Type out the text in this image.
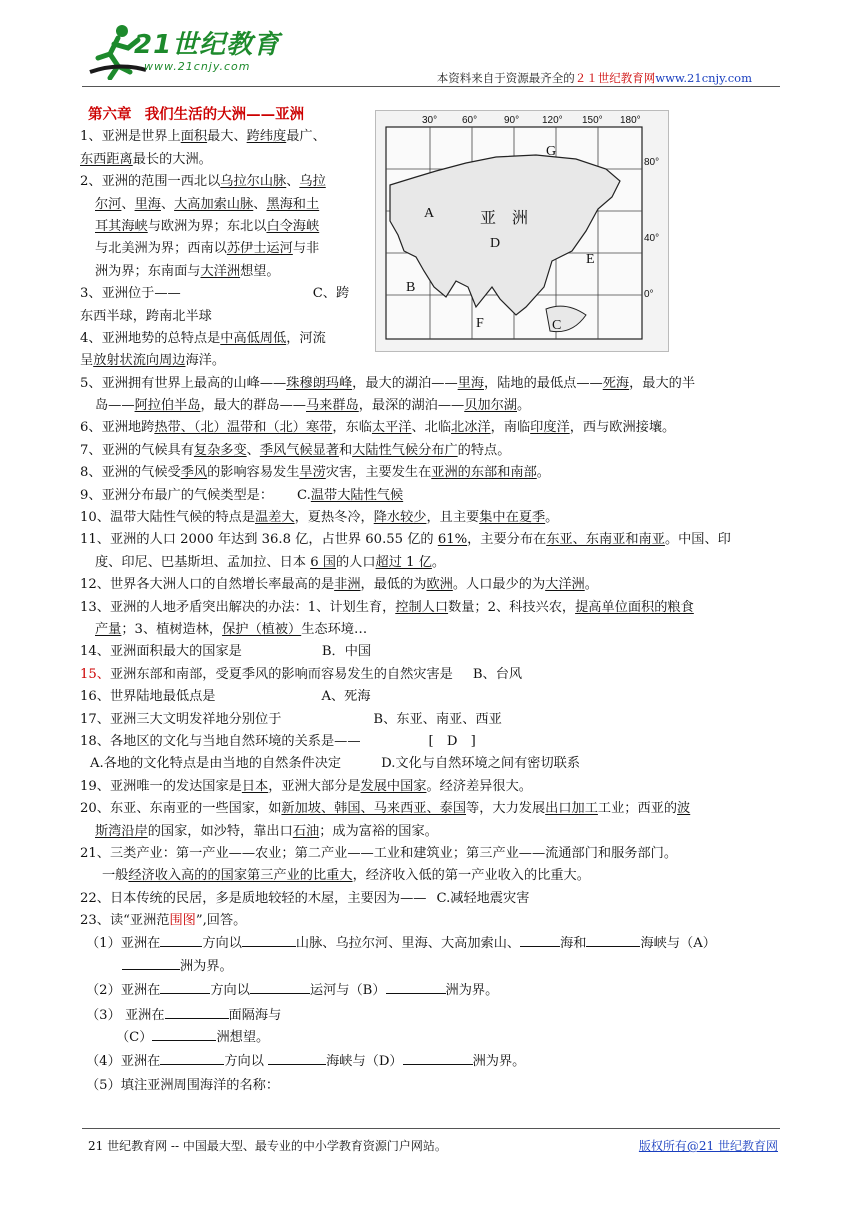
21世纪教育
www.21cnjy.com
本资料来自于资源最齐全的２１世纪教育网www.21cnjy.com
30° 60°	90° 120° 150° 180°
80°
40°
0°
G
A	亚　洲
E
B
F	C
D
第六章　 我们生活的大洲——亚洲
1、亚洲是世界上面积最大、跨纬度最广、
东西距离最长的大洲。
2、亚洲的范围一西北以乌拉尔山脉、乌拉
尔河、里海、大高加索山脉、黑海和土
耳其海峡与欧洲为界；东北以白令海峡
与北美洲为界；西南以苏伊士运河与非
洲为界；东南面与大洋洲想望。
3、亚洲位于——	C、跨
东西半球，跨南北半球
4、亚洲地势的总特点是中高低周低，河流
呈放射状流向周边海洋。
5、亚洲拥有世界上最高的山峰——珠穆朗玛峰，最大的湖泊——里海，陆地的最低点——死海，最大的半
岛——阿拉伯半岛，最大的群岛——马来群岛，最深的湖泊——贝加尔湖。
6、亚洲地跨热带、（北）温带和（北）寒带，东临太平洋、北临北冰洋，南临印度洋，西与欧洲接壤。
7、亚洲的气候具有复杂多变、季风气候显著和大陆性气候分布广的特点。
8、亚洲的气候受季风的影响容易发生旱涝灾害，主要发生在亚洲的东部和南部。
9、亚洲分布最广的气候类型是： C.温带大陆性气候
10、温带大陆性气候的特点是温差大，夏热冬冷，降水较少，且主要集中在夏季。
11、亚洲的人口 2000 年达到 36.8 亿，占世界 60.55 亿的 61%，主要分布在东亚、东南亚和南亚。中国、印
度、印尼、巴基斯坦、孟加拉、日本 6 国的人口超过 1 亿。
12、世界各大洲人口的自然增长率最高的是非洲，最低的为欧洲。人口最少的为大洋洲。
13、亚洲的人地矛盾突出解决的办法：1、计划生育，控制人口数量；2、科技兴农，提高单位面积的粮食
产量；3、植树造林，保护（植被）生态环境…
14、亚洲面积最大的国家是	B．中国
15、亚洲东部和南部，受夏季风的影响而容易发生的自然灾害是 B、台风
16、世界陆地最低点是	A、死海
17、亚洲三大文明发祥地分别位于	B、东亚、南亚、西亚
18、各地区的文化与当地自然环境的关系是——	[　D　]
A.各地的文化特点是由当地的自然条件决定	D.文化与自然环境之间有密切联系
19、亚洲唯一的发达国家是日本，亚洲大部分是发展中国家。经济差异很大。
20、东亚、东南亚的一些国家，如新加坡、韩国、马来西亚、泰国等，大力发展出口加工工业；西亚的波
斯湾沿岸的国家，如沙特，靠出口石油；成为富裕的国家。
21、三类产业：第一产业——农业；第二产业——工业和建筑业；第三产业——流通部门和服务部门。
一般经济收入高的的国家第三产业的比重大，经济收入低的第一产业收入的比重大。
22、日本传统的民居，多是质地较轻的木屋，主要因为—— C.减轻地震灾害
23、读“亚洲范围图”,回答。
（1）亚洲在	方向以	山脉、乌拉尔河、里海、大高加索山、	海和	海峡与（A）
洲为界。
（2）亚洲在	方向以	运河与（B）	洲为界。
（3） 亚洲在	面隔海与
（C）	洲想望。
（4）亚洲在	方向以	海峡与（D）	洲为界。
（5）填注亚洲周围海洋的名称：
21 世纪教育网 -- 中国最大型、最专业的中小学教育资源门户网站。	版权所有@21 世纪教育网
